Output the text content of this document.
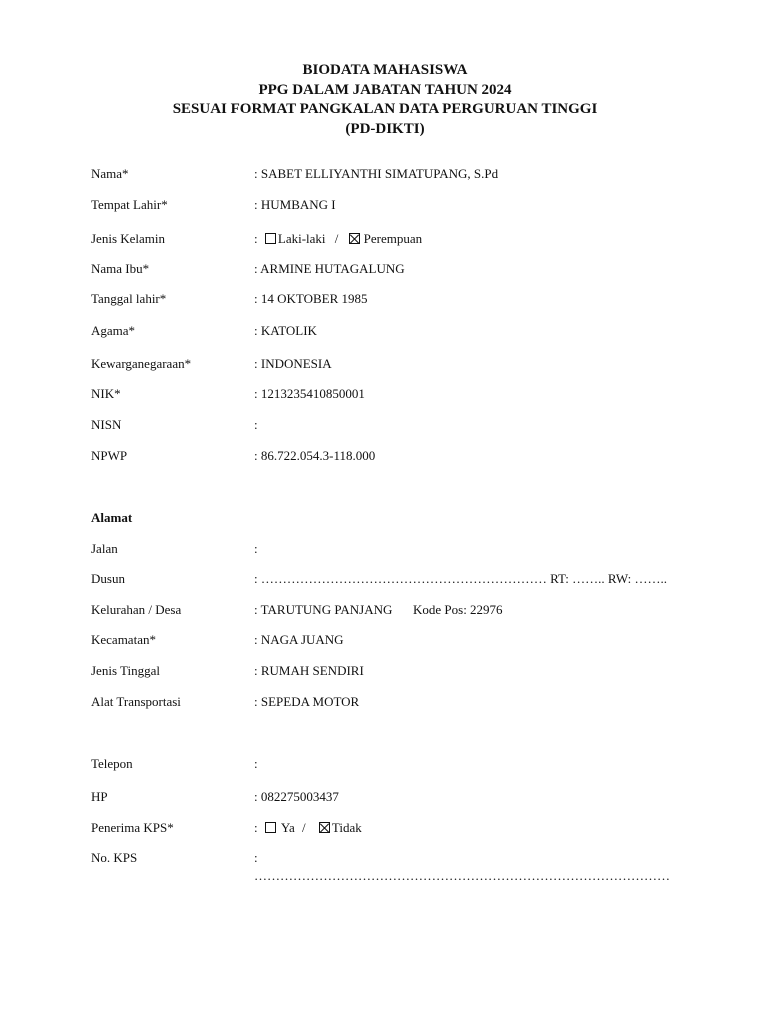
BIODATA MAHASISWA
PPG DALAM JABATAN TAHUN 2024
SESUAI FORMAT PANGKALAN DATA PERGURUAN TINGGI
(PD-DIKTI)
Nama*	: SABET ELLIYANTHI SIMATUPANG, S.Pd
Tempat Lahir*	: HUMBANG I
Jenis Kelamin	: Laki-laki / Perempuan
Nama Ibu*	: ARMINE HUTAGALUNG
Tanggal lahir*	: 14 OKTOBER 1985
Agama*	: KATOLIK
Kewarganegaraan*	: INDONESIA
NIK*	: 1213235410850001
NISN	:
NPWP	: 86.722.054.3-118.000
Alamat
Jalan	:
Dusun	: ………………………………………………………… RT: …….. RW: ……..
Kelurahan / Desa	: TARUTUNG PANJANG Kode Pos: 22976
Kecamatan*	: NAGA JUANG
Jenis Tinggal	: RUMAH SENDIRI
Alat Transportasi	: SEPEDA MOTOR
Telepon	:
HP	: 082275003437
Penerima KPS*	: Ya / Tidak
No. KPS	:
……………………………………………………………………………………
